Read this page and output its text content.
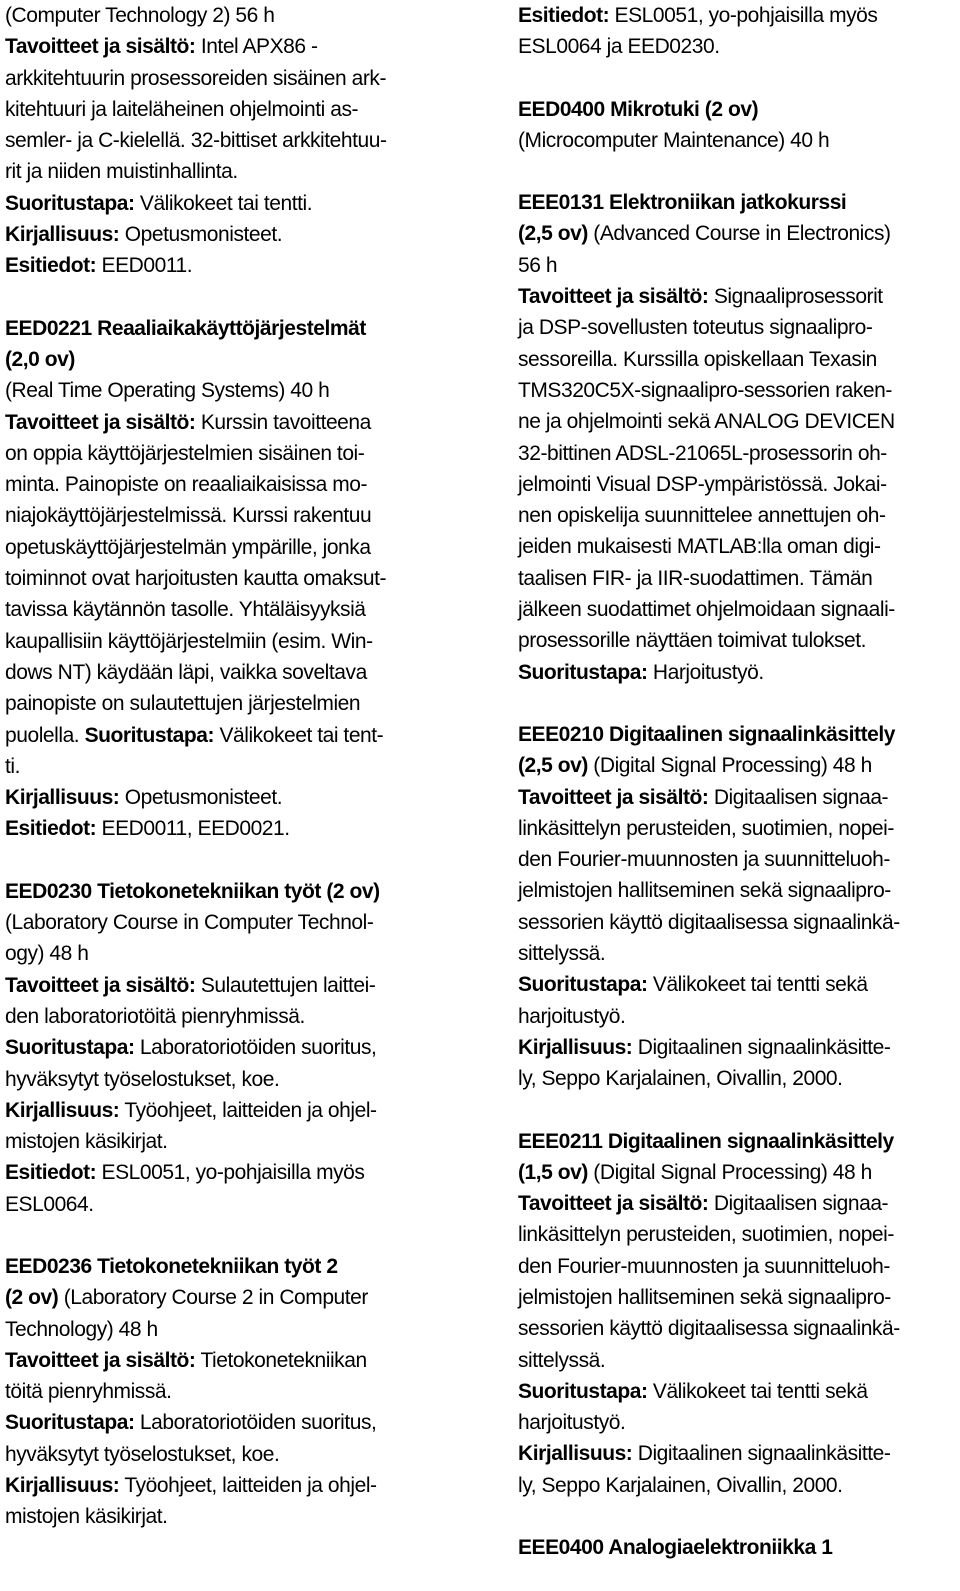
(Computer Technology 2) 56 h
Tavoitteet ja sisältö: Intel APX86 -
arkkitehtuurin prosessoreiden sisäinen ark-
kitehtuuri ja laiteläheinen ohjelmointi as-
semler- ja C-kielellä. 32-bittiset arkkitehtuu-
rit ja niiden muistinhallinta.
Suoritustapa: Välikokeet tai tentti.
Kirjallisuus: Opetusmonisteet.
Esitiedot: EED0011.
EED0221 Reaaliaikakäyttöjärjestelmät
(2,0 ov)
(Real Time Operating Systems) 40 h
Tavoitteet ja sisältö: Kurssin tavoitteena
on oppia käyttöjärjestelmien sisäinen toi-
minta. Painopiste on reaaliaikaisissa mo-
niajokäyttöjärjestelmissä. Kurssi rakentuu
opetuskäyttöjärjestelmän ympärille, jonka
toiminnot ovat harjoitusten kautta omaksut-
tavissa käytännön tasolle. Yhtäläisyyksiä
kaupallisiin käyttöjärjestelmiin (esim. Win-
dows NT) käydään läpi, vaikka soveltava
painopiste on sulautettujen järjestelmien
puolella. Suoritustapa: Välikokeet tai tent-
ti.
Kirjallisuus: Opetusmonisteet.
Esitiedot: EED0011, EED0021.
EED0230 Tietokonetekniikan työt (2 ov)
(Laboratory Course in Computer Technol-
ogy) 48 h
Tavoitteet ja sisältö: Sulautettujen laittei-
den laboratoriotöitä pienryhmissä.
Suoritustapa: Laboratoriotöiden suoritus,
hyväksytyt työselostukset, koe.
Kirjallisuus: Työohjeet, laitteiden ja ohjel-
mistojen käsikirjat.
Esitiedot: ESL0051, yo-pohjaisilla myös
ESL0064.
EED0236 Tietokonetekniikan työt 2
(2 ov) (Laboratory Course 2 in Computer
Technology) 48 h
Tavoitteet ja sisältö: Tietokonetekniikan
töitä pienryhmissä.
Suoritustapa: Laboratoriotöiden suoritus,
hyväksytyt työselostukset, koe.
Kirjallisuus: Työohjeet, laitteiden ja ohjel-
mistojen käsikirjat.
Esitiedot: ESL0051, yo-pohjaisilla myös
ESL0064 ja EED0230.
EED0400 Mikrotuki (2 ov)
(Microcomputer Maintenance) 40 h
EEE0131 Elektroniikan jatkokurssi
(2,5 ov) (Advanced Course in Electronics)
56 h
Tavoitteet ja sisältö: Signaaliprosessorit
ja DSP-sovellusten toteutus signaalipro-
sessoreilla. Kurssilla opiskellaan Texasin
TMS320C5X-signaalipro-sessorien raken-
ne ja ohjelmointi sekä ANALOG DEVICEN
32-bittinen ADSL-21065L-prosessorin oh-
jelmointi Visual DSP-ympäristössä. Jokai-
nen opiskelija suunnittelee annettujen oh-
jeiden mukaisesti MATLAB:lla oman digi-
taalisen FIR- ja IIR-suodattimen. Tämän
jälkeen suodattimet ohjelmoidaan signaali-
prosessorille näyttäen toimivat tulokset.
Suoritustapa: Harjoitustyö.
EEE0210 Digitaalinen signaalinkäsittely
(2,5 ov) (Digital Signal Processing) 48 h
Tavoitteet ja sisältö: Digitaalisen signaa-
linkäsittelyn perusteiden, suotimien, nopei-
den Fourier-muunnosten ja suunnitteluoh-
jelmistojen hallitseminen sekä signaalipro-
sessorien käyttö digitaalisessa signaalinkä-
sittelyssä.
Suoritustapa: Välikokeet tai tentti sekä
harjoitustyö.
Kirjallisuus: Digitaalinen signaalinkäsitte-
ly, Seppo Karjalainen, Oivallin, 2000.
EEE0211 Digitaalinen signaalinkäsittely
(1,5 ov) (Digital Signal Processing) 48 h
Tavoitteet ja sisältö: Digitaalisen signaa-
linkäsittelyn perusteiden, suotimien, nopei-
den Fourier-muunnosten ja suunnitteluoh-
jelmistojen hallitseminen sekä signaalipro-
sessorien käyttö digitaalisessa signaalinkä-
sittelyssä.
Suoritustapa: Välikokeet tai tentti sekä
harjoitustyö.
Kirjallisuus: Digitaalinen signaalinkäsitte-
ly, Seppo Karjalainen, Oivallin, 2000.
EEE0400 Analogiaelektroniikka 1
